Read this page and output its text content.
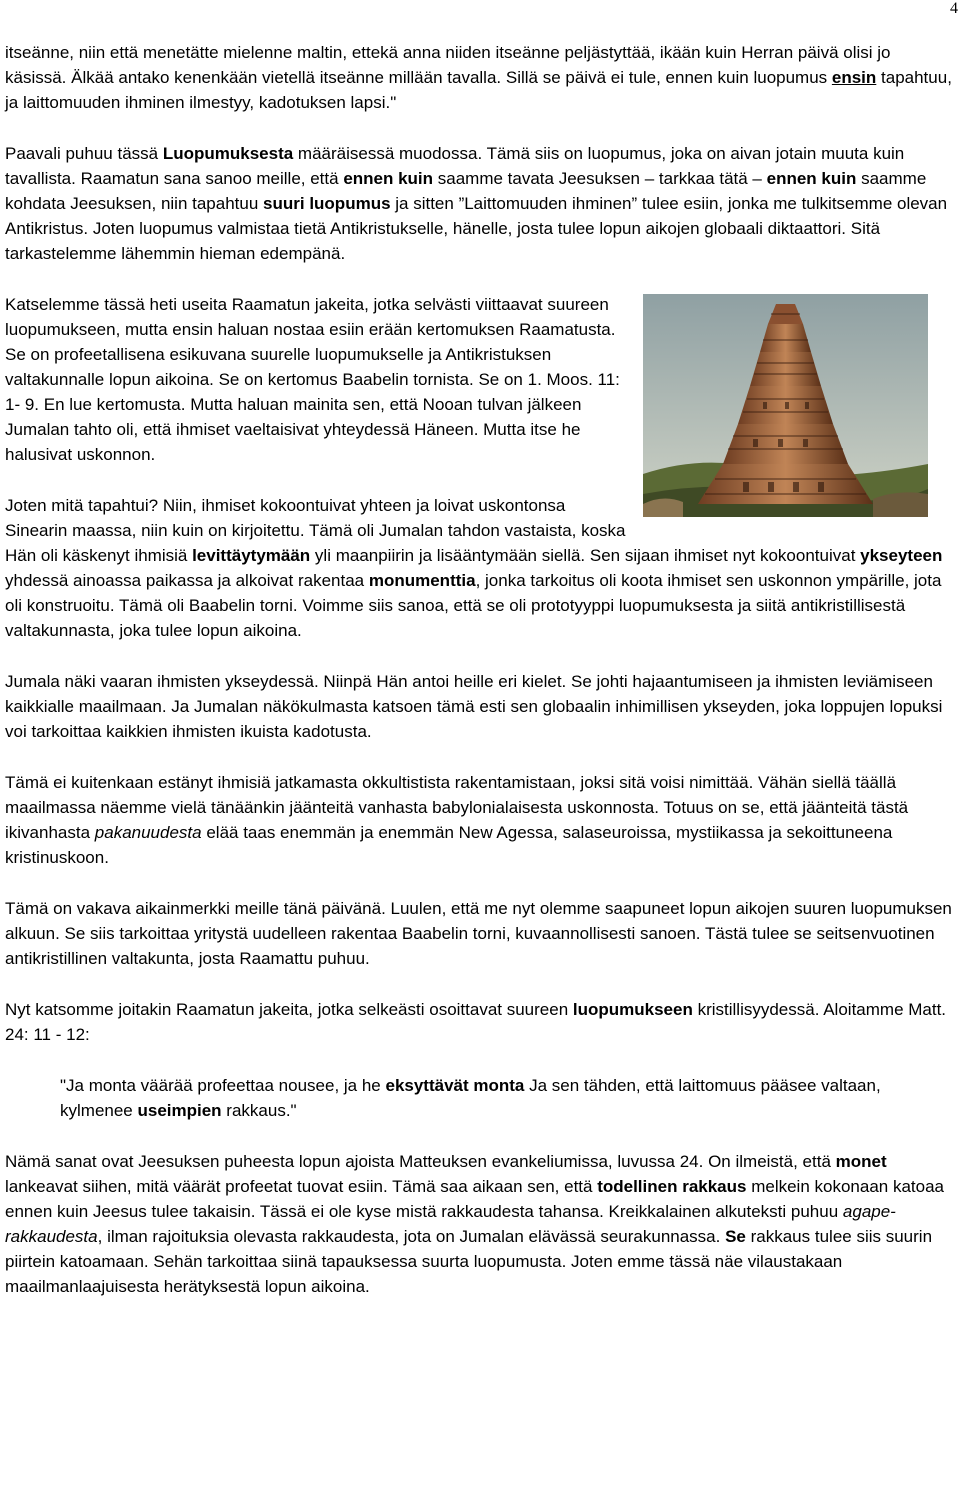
4

itseänne, niin että menetätte mielenne maltin, ettekä anna niiden itseänne peljästyttää, ikään kuin Herran päivä olisi jo käsissä. Älkää antako kenenkään vietellä itseänne millään tavalla. Sillä se päivä ei tule, ennen kuin luopumus ensin tapahtuu, ja laittomuuden ihminen ilmestyy, kadotuksen lapsi."

Paavali puhuu tässä Luopumuksesta määräisessä muodossa. Tämä siis on luopumus, joka on aivan jotain muuta kuin tavallista. Raamatun sana sanoo meille, että ennen kuin saamme tavata Jeesuksen – tarkkaa tätä – ennen kuin saamme kohdata Jeesuksen, niin tapahtuu suuri luopumus ja sitten ”Laittomuuden ihminen” tulee esiin, jonka me tulkitsemme olevan Antikristus. Joten luopumus valmistaa tietä Antikristukselle, hänelle, josta tulee lopun aikojen globaali diktaattori. Sitä tarkastelemme lähemmin hieman edempänä.

Katselemme tässä heti useita Raamatun jakeita, jotka selvästi viittaavat suureen luopumukseen, mutta ensin haluan nostaa esiin erään kertomuksen Raamatusta. Se on profeetallisena esikuvana suurelle luopumukselle ja Antikristuksen valtakunnalle lopun aikoina. Se on kertomus Baabelin tornista. Se on 1. Moos. 11: 1- 9. En lue kertomusta. Mutta haluan mainita sen, että Nooan tulvan jälkeen Jumalan tahto oli, että ihmiset vaeltaisivat yhteydessä Häneen. Mutta itse he halusivat uskonnon.

Joten mitä tapahtui? Niin, ihmiset kokoontuivat yhteen ja loivat uskontonsa Sinearin maassa, niin kuin on kirjoitettu. Tämä oli Jumalan tahdon vastaista, koska Hän oli käskenyt ihmisiä levittäytymään yli maanpiirin ja lisääntymään siellä. Sen sijaan ihmiset nyt kokoontuivat ykseyteen yhdessä ainoassa paikassa ja alkoivat rakentaa monumenttia, jonka tarkoitus oli koota ihmiset sen uskonnon ympärille, jota oli konstruoitu. Tämä oli Baabelin torni. Voimme siis sanoa, että se oli prototyyppi luopumuksesta ja siitä antikristillisestä valtakunnasta, joka tulee lopun aikoina.

Jumala näki vaaran ihmisten ykseydessä. Niinpä Hän antoi heille eri kielet. Se johti hajaantumiseen ja ihmisten leviämiseen kaikkialle maailmaan. Ja Jumalan näkökulmasta katsoen tämä esti sen globaalin inhimillisen ykseyden, joka loppujen lopuksi voi tarkoittaa kaikkien ihmisten ikuista kadotusta.

Tämä ei kuitenkaan estänyt ihmisiä jatkamasta okkultistista rakentamistaan, joksi sitä voisi nimittää. Vähän siellä täällä maailmassa näemme vielä tänäänkin jäänteitä vanhasta babylonialaisesta uskonnosta. Totuus on se, että jäänteitä tästä ikivanhasta pakanuudesta elää taas enemmän ja enemmän New Agessa, salaseuroissa, mystiikassa ja sekoittuneena kristinuskoon.

Tämä on vakava aikainmerkki meille tänä päivänä. Luulen, että me nyt olemme saapuneet lopun aikojen suuren luopumuksen alkuun. Se siis tarkoittaa yritystä uudelleen rakentaa Baabelin torni, kuvaannollisesti sanoen. Tästä tulee se seitsenvuotinen antikristillinen valtakunta, josta Raamattu puhuu.

Nyt katsomme joitakin Raamatun jakeita, jotka selkeästi osoittavat suureen luopumukseen kristillisyydessä. Aloitamme Matt. 24: 11 - 12:

"Ja monta väärää profeettaa nousee, ja he eksyttävät monta Ja sen tähden, että laittomuus pääsee valtaan, kylmenee useimpien rakkaus."

Nämä sanat ovat Jeesuksen puheesta lopun ajoista Matteuksen evankeliumissa, luvussa 24. On ilmeistä, että monet lankeavat siihen, mitä väärät profeetat tuovat esiin. Tämä saa aikaan sen, että todellinen rakkaus melkein kokonaan katoaa ennen kuin Jeesus tulee takaisin. Tässä ei ole kyse mistä rakkaudesta tahansa. Kreikkalainen alkuteksti puhuu agape-rakkaudesta, ilman rajoituksia olevasta rakkaudesta, jota on Jumalan elävässä seurakunnassa. Se rakkaus tulee siis suurin piirtein katoamaan. Sehän tarkoittaa siinä tapauksessa suurta luopumusta. Joten emme tässä näe vilaustakaan maailmanlaajuisesta herätyksestä lopun aikoina.
